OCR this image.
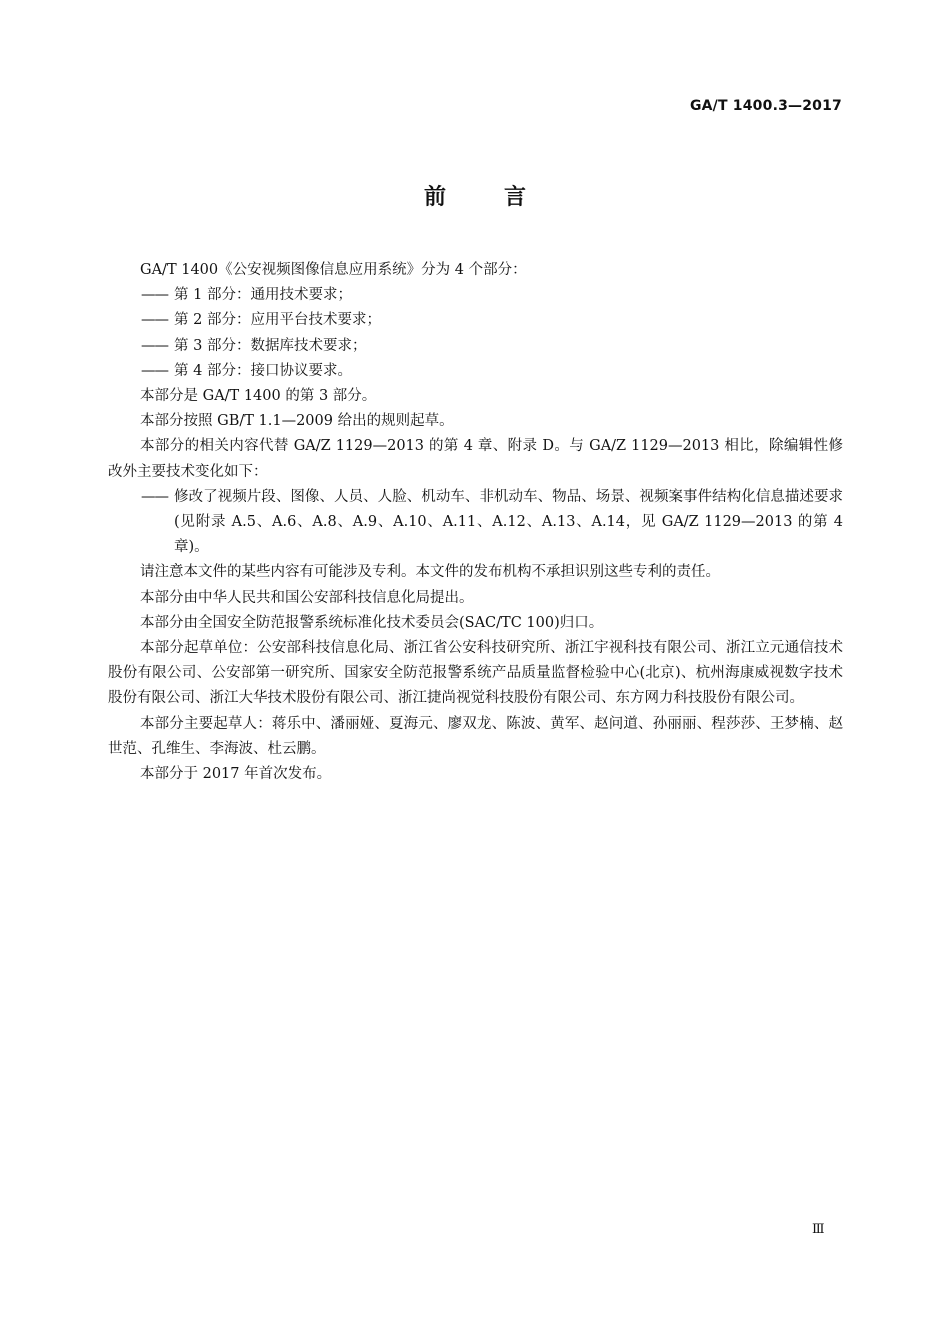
GA/T 1400.3—2017
前	言

GA/T 1400《公安视频图像信息应用系统》分为 4 个部分：

—— 第 1 部分：通用技术要求；

—— 第 2 部分：应用平台技术要求；

—— 第 3 部分：数据库技术要求；

—— 第 4 部分：接口协议要求。

本部分是 GA/T 1400 的第 3 部分。

本部分按照 GB/T 1.1—2009 给出的规则起草。

本部分的相关内容代替 GA/Z 1129—2013 的第 4 章、附录 D。与 GA/Z 1129—2013 相比，除编辑性修改外主要技术变化如下：

—— 修改了视频片段、图像、人员、人脸、机动车、非机动车、物品、场景、视频案事件结构化信息描述要求(见附录 A.5、A.6、A.8、A.9、A.10、A.11、A.12、A.13、A.14，见 GA/Z 1129—2013 的第 4 章)。

请注意本文件的某些内容有可能涉及专利。本文件的发布机构不承担识别这些专利的责任。

本部分由中华人民共和国公安部科技信息化局提出。

本部分由全国安全防范报警系统标准化技术委员会(SAC/TC 100)归口。

本部分起草单位：公安部科技信息化局、浙江省公安科技研究所、浙江宇视科技有限公司、浙江立元通信技术股份有限公司、公安部第一研究所、国家安全防范报警系统产品质量监督检验中心(北京)、杭州海康威视数字技术股份有限公司、浙江大华技术股份有限公司、浙江捷尚视觉科技股份有限公司、东方网力科技股份有限公司。

本部分主要起草人：蒋乐中、潘丽娅、夏海元、廖双龙、陈波、黄军、赵问道、孙丽丽、程莎莎、王梦楠、赵世范、孔维生、李海波、杜云鹏。

本部分于 2017 年首次发布。

Ⅲ
